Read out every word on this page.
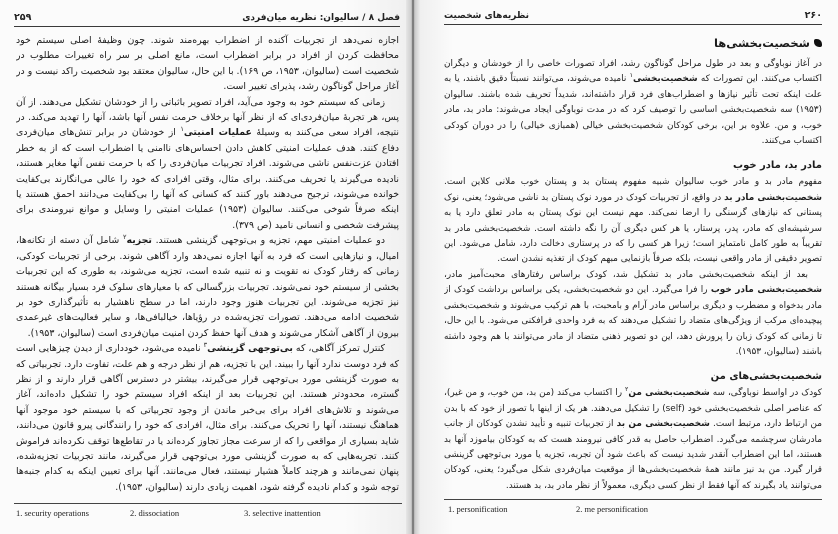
۲۵۹	فصل ۸ / سالیوان: نظریه میان‌فردی

اجازه نمی‌دهد از تجربیات آکنده از اضطراب بهره‌مند شوند. چون وظیفهٔ اصلی سیستم خود محافظت کردن از افراد در برابر اضطراب است، مانع اصلی بر سر راه تغییرات مطلوب در شخصیت است (سالیوان، ۱۹۵۳، ص ۱۶۹). با این حال، سالیوان معتقد بود شخصیت راکد نیست و در آغاز مراحل گوناگون رشد، پذیرای تغییر است.

زمانی که سیستم خود به وجود می‌آید، افراد تصویر باثباتی را از خودشان تشکیل می‌دهند. از آن پس، هر تجربهٔ میان‌فردی‌ای که از نظر آنها برخلاف حرمت نفس آنها باشد، آنها را تهدید می‌کند. در نتیجه، افراد سعی می‌کنند به وسیلهٔ عملیات امنیتی$^۱$ از خودشان در برابر تنش‌های میان‌فردی دفاع کنند. هدف عملیات امنیتی کاهش دادن احساس‌های ناامنی یا اضطراب است که از به خطر افتادن عزت‌نفس ناشی می‌شوند. افراد تجربیات میان‌فردی را که با حرمت نفس آنها مغایر هستند، نادیده می‌گیرند یا تحریف می‌کنند. برای مثال، وقتی افرادی که خود را عالی می‌انگارند بی‌کفایت خوانده می‌شوند، ترجیح می‌دهند باور کنند که کسانی که آنها را بی‌کفایت می‌دانند احمق هستند یا اینکه صرفاً شوخی می‌کنند. سالیوان (۱۹۵۳) عملیات امنیتی را وسایل و موانع نیرومندی برای پیشرفت شخصی و انسانی نامید (ص ۳۷۹).

دو عملیات امنیتی مهم، تجزیه و بی‌توجهی گزینشی هستند. تجزیه$^۲$ شامل آن دسته از تکانه‌ها، امیال، و نیازهایی است که فرد به آنها اجازه نمی‌دهد وارد آگاهی شوند. برخی از تجربیات کودکی، زمانی که رفتار کودک نه تقویت و نه تنبیه شده است، تجزیه می‌شوند، به طوری که این تجربیات بخشی از سیستم خود نمی‌شوند. تجربیات بزرگسالی که با معیارهای سلوک فرد بسیار بیگانه هستند نیز تجزیه می‌شوند. این تجربیات هنوز وجود دارند، اما در سطح ناهشیار به تأثیرگذاری خود بر شخصیت ادامه می‌دهند. تصورات تجزیه‌شده در رؤیاها، خیالبافی‌ها، و سایر فعالیت‌های غیرعمدی بیرون از آگاهی آشکار می‌شوند و هدف آنها حفظ کردن امنیت میان‌فردی است (سالیوان، ۱۹۵۳).

کنترل تمرکز آگاهی، که بی‌توجهی گزینشی$^۳$ نامیده می‌شود، خودداری از دیدن چیزهایی است که فرد دوست ندارد آنها را ببیند. این با تجزیه، هم از نظر درجه و هم علت، تفاوت دارد. تجربیاتی که به صورت گزینشی مورد بی‌توجهی قرار می‌گیرند، بیشتر در دسترس آگاهی قرار دارند و از نظر گستره، محدودتر هستند. این تجربیات بعد از اینکه افراد سیستم خود را تشکیل داده‌اند، آغاز می‌شوند و تلاش‌های افراد برای بی‌خبر ماندن از وجود تجربیاتی که با سیستم خود موجود آنها هماهنگ نیستند، آنها را تحریک می‌کنند. برای مثال، افرادی که خود را رانندگانی پیرو قانون می‌دانند، شاید بسیاری از مواقعی را که از سرعت مجاز تجاوز کرده‌اند یا در تقاطع‌ها توقف نکرده‌اند فراموش کنند. تجربه‌هایی که به صورت گزینشی مورد بی‌توجهی قرار می‌گیرند، مانند تجربیات تجزیه‌شده، پنهان نمی‌مانند و هرچند کاملاً هشیار نیستند، فعال می‌مانند. آنها برای تعیین اینکه به کدام جنبه‌ها توجه شود و کدام نادیده گرفته شود، اهمیت زیادی دارند (سالیوان، ۱۹۵۳).

1. security operations	2. dissociation	3. selective inattention
نظریه‌های شخصیت	۲۶۰
شخصیت‌بخشی‌ها

در آغاز نوباوگی و بعد در طول مراحل گوناگون رشد، افراد تصورات خاصی را از خودشان و دیگران اکتساب می‌کنند. این تصورات که شخصیت‌بخشی$^۱$ نامیده می‌شوند، می‌توانند نسبتاً دقیق باشند، یا به علت اینکه تحت تأثیر نیازها و اضطراب‌های فرد قرار داشته‌اند، شدیداً تحریف شده باشند. سالیوان (۱۹۵۳) سه شخصیت‌بخشی اساسی را توصیف کرد که در مدت نوباوگی ایجاد می‌شوند: مادر بد، مادر خوب، و من. علاوه بر این، برخی کودکان شخصیت‌بخشی خیالی (همبازی خیالی) را در دوران کودکی اکتساب می‌کنند.

مادر بد، مادر خوب

مفهوم مادر بد و مادر خوب سالیوان شبیه مفهوم پستان بد و پستان خوب ملانی کلاین است. شخصیت‌بخشی مادر بد در واقع، از تجربیات کودک در مورد نوک پستان بد ناشی می‌شود؛ یعنی، نوک پستانی که نیازهای گرسنگی را ارضا نمی‌کند. مهم نیست این نوک پستان به مادر تعلق دارد یا به سرشیشه‌ای که مادر، پدر، پرستار، یا هر کس دیگری آن را نگه داشته است. شخصیت‌بخشی مادر بد تقریباً به طور کامل نامتمایز است؛ زیرا هر کسی را که در پرستاری دخالت دارد، شامل می‌شود. این تصویر دقیقی از مادر واقعی نیست، بلکه صرفاً بازنمایی مبهم کودک از تغذیه نشدن است.

بعد از اینکه شخصیت‌بخشی مادر بد تشکیل شد، کودک براساس رفتارهای محبت‌آمیز مادر، شخصیت‌بخشی مادر خوب را فرا می‌گیرد. این دو شخصیت‌بخشی، یکی براساس برداشت کودک از مادر بدخواه و مضطرب و دیگری براساس مادر آرام و بامحبت، با هم ترکیب می‌شوند و شخصیت‌بخشی پیچیده‌ای مرکب از ویژگی‌های متضاد را تشکیل می‌دهند که به فرد واحدی فرافکنی می‌شود. با این حال، تا زمانی که کودک زبان را پرورش دهد، این دو تصویر ذهنی متضاد از مادر می‌توانند با هم وجود داشته باشند (سالیوان، ۱۹۵۳).

شخصیت‌بخشی‌های من

کودک در اواسط نوباوگی، سه شخصیت‌بخشی من$^۲$ را اکتساب می‌کند (من بد، من خوب، و من غیر)، که عناصر اصلی شخصیت‌بخشی خود (self) را تشکیل می‌دهند. هر یک از اینها با تصور از خود که با بدن من ارتباط دارد، مرتبط است. شخصیت‌بخشی من بد از تجربیات تنبیه و تأیید نشدن کودکان از جانب مادرشان سرچشمه می‌گیرد. اضطراب حاصل به قدر کافی نیرومند هست که به کودکان بیاموزد آنها بد هستند، اما این اضطراب آنقدر شدید نیست که باعث شود آن تجربه، تجزیه یا مورد بی‌توجهی گزینشی قرار گیرد. من بد نیز مانند همهٔ شخصیت‌بخشی‌ها از موقعیت میان‌فردی شکل می‌گیرد؛ یعنی، کودکان می‌توانند یاد بگیرند که آنها فقط از نظر کسی دیگری، معمولاً از نظر مادر بد، بد هستند.

1. personification	2. me personification
